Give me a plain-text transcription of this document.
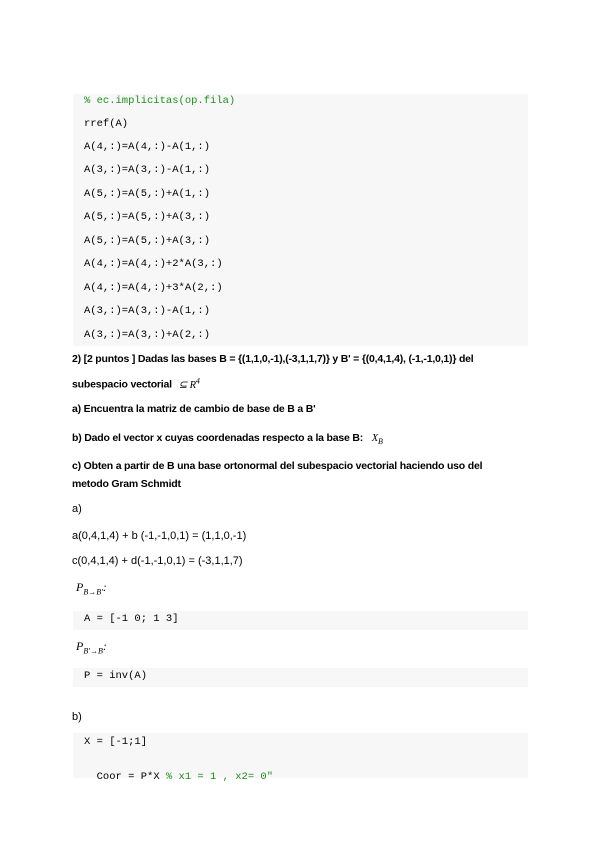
% ec.implicitas(op.fila)
rref(A)
A(4,:)=A(4,:)-A(1,:)
A(3,:)=A(3,:)-A(1,:)
A(5,:)=A(5,:)+A(1,:)
A(5,:)=A(5,:)+A(3,:)
A(5,:)=A(5,:)+A(3,:)
A(4,:)=A(4,:)+2*A(3,:)
A(4,:)=A(4,:)+3*A(2,:)
A(3,:)=A(3,:)-A(1,:)
A(3,:)=A(3,:)+A(2,:)
2) [2 puntos ] Dadas las bases B = {(1,1,0,-1),(-3,1,1,7)} y B' = {(0,4,1,4), (-1,-1,0,1)} del
subespacio vectorial ⊆ $R^4$
a) Encuentra la matriz de cambio de base de B a B'
b) Dado el vector x cuyas coordenadas respecto a la base B: $X_B$
c) Obten a partir de B una base ortonormal del subespacio vectorial haciendo uso del
metodo Gram Schmidt
a)
a(0,4,1,4) + b (-1,-1,0,1) = (1,1,0,-1)
c(0,4,1,4) + d(-1,-1,0,1) = (-3,1,1,7)
$P_{B\to B'}$:
A = [-1 0; 1 3]
$P_{B'\to B}$:
P = inv(A)
b)
X = [-1;1]

Coor = P*X % x1 = 1 , x2= 0"
